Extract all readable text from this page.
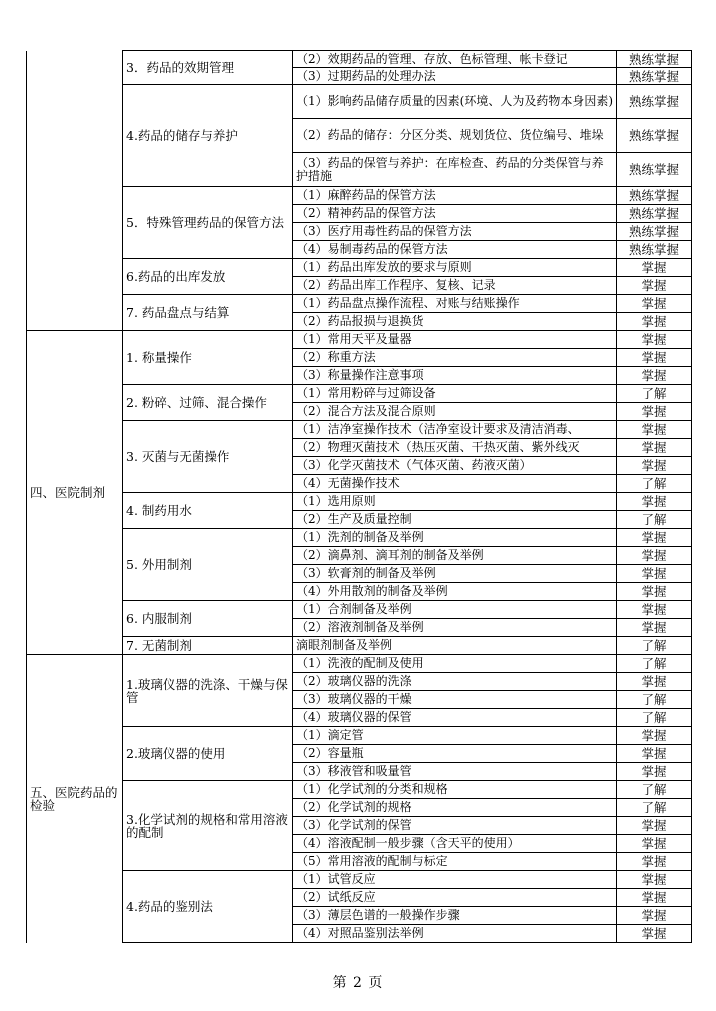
	3．药品的效期管理	（2）效期药品的管理、存放、色标管理、帐卡登记	熟练掌握
		（3）过期药品的处理办法	熟练掌握
	4.药品的储存与养护	（1）影响药品储存质量的因素(环境、人为及药物本身因素)	熟练掌握
		（2）药品的储存：分区分类、规划货位、货位编号、堆垛	熟练掌握
		（3）药品的保管与养护：在库检查、药品的分类保管与养护措施	熟练掌握
	5．特殊管理药品的保管方法	（1）麻醉药品的保管方法	熟练掌握
		（2）精神药品的保管方法	熟练掌握
		（3）医疗用毒性药品的保管方法	熟练掌握
		（4）易制毒药品的保管方法	熟练掌握
	6.药品的出库发放	（1）药品出库发放的要求与原则	掌握
		（2）药品出库工作程序、复核、记录	掌握
	7. 药品盘点与结算	（1）药品盘点操作流程、对账与结账操作	掌握
		（2）药品报损与退换货	掌握
四、医院制剂	1. 称量操作	（1）常用天平及量器	掌握
		（2）称重方法	掌握
		（3）称量操作注意事项	掌握
	2. 粉碎、过筛、混合操作	（1）常用粉碎与过筛设备	了解
		（2）混合方法及混合原则	掌握
	3. 灭菌与无菌操作	（1）洁净室操作技术（洁净室设计要求及清洁消毒、	掌握
		（2）物理灭菌技术（热压灭菌、干热灭菌、紫外线灭	掌握
		（3）化学灭菌技术（气体灭菌、药液灭菌）	掌握
		（4）无菌操作技术	了解
	4. 制药用水	（1）选用原则	掌握
		（2）生产及质量控制	了解
	5. 外用制剂	（1）洗剂的制备及举例	掌握
		（2）滴鼻剂、滴耳剂的制备及举例	掌握
		（3）软膏剂的制备及举例	掌握
		（4）外用散剂的制备及举例	掌握
	6. 内服制剂	（1）合剂制备及举例	掌握
		（2）溶液剂制备及举例	掌握
	7. 无菌制剂	滴眼剂制备及举例	了解
五、医院药品的检验	1.玻璃仪器的洗涤、干燥与保管	（1）洗液的配制及使用	了解
		（2）玻璃仪器的洗涤	掌握
		（3）玻璃仪器的干燥	了解
		（4）玻璃仪器的保管	了解
	2.玻璃仪器的使用	（1）滴定管	掌握
		（2）容量瓶	掌握
		（3）移液管和吸量管	掌握
	3.化学试剂的规格和常用溶液的配制	（1）化学试剂的分类和规格	了解
		（2）化学试剂的规格	了解
		（3）化学试剂的保管	掌握
		（4）溶液配制一般步骤（含天平的使用）	掌握
		（5）常用溶液的配制与标定	掌握
	4.药品的鉴别法	（1）试管反应	掌握
		（2）试纸反应	掌握
		（3）薄层色谱的一般操作步骤	掌握
		（4）对照品鉴别法举例	掌握
第 2 页
